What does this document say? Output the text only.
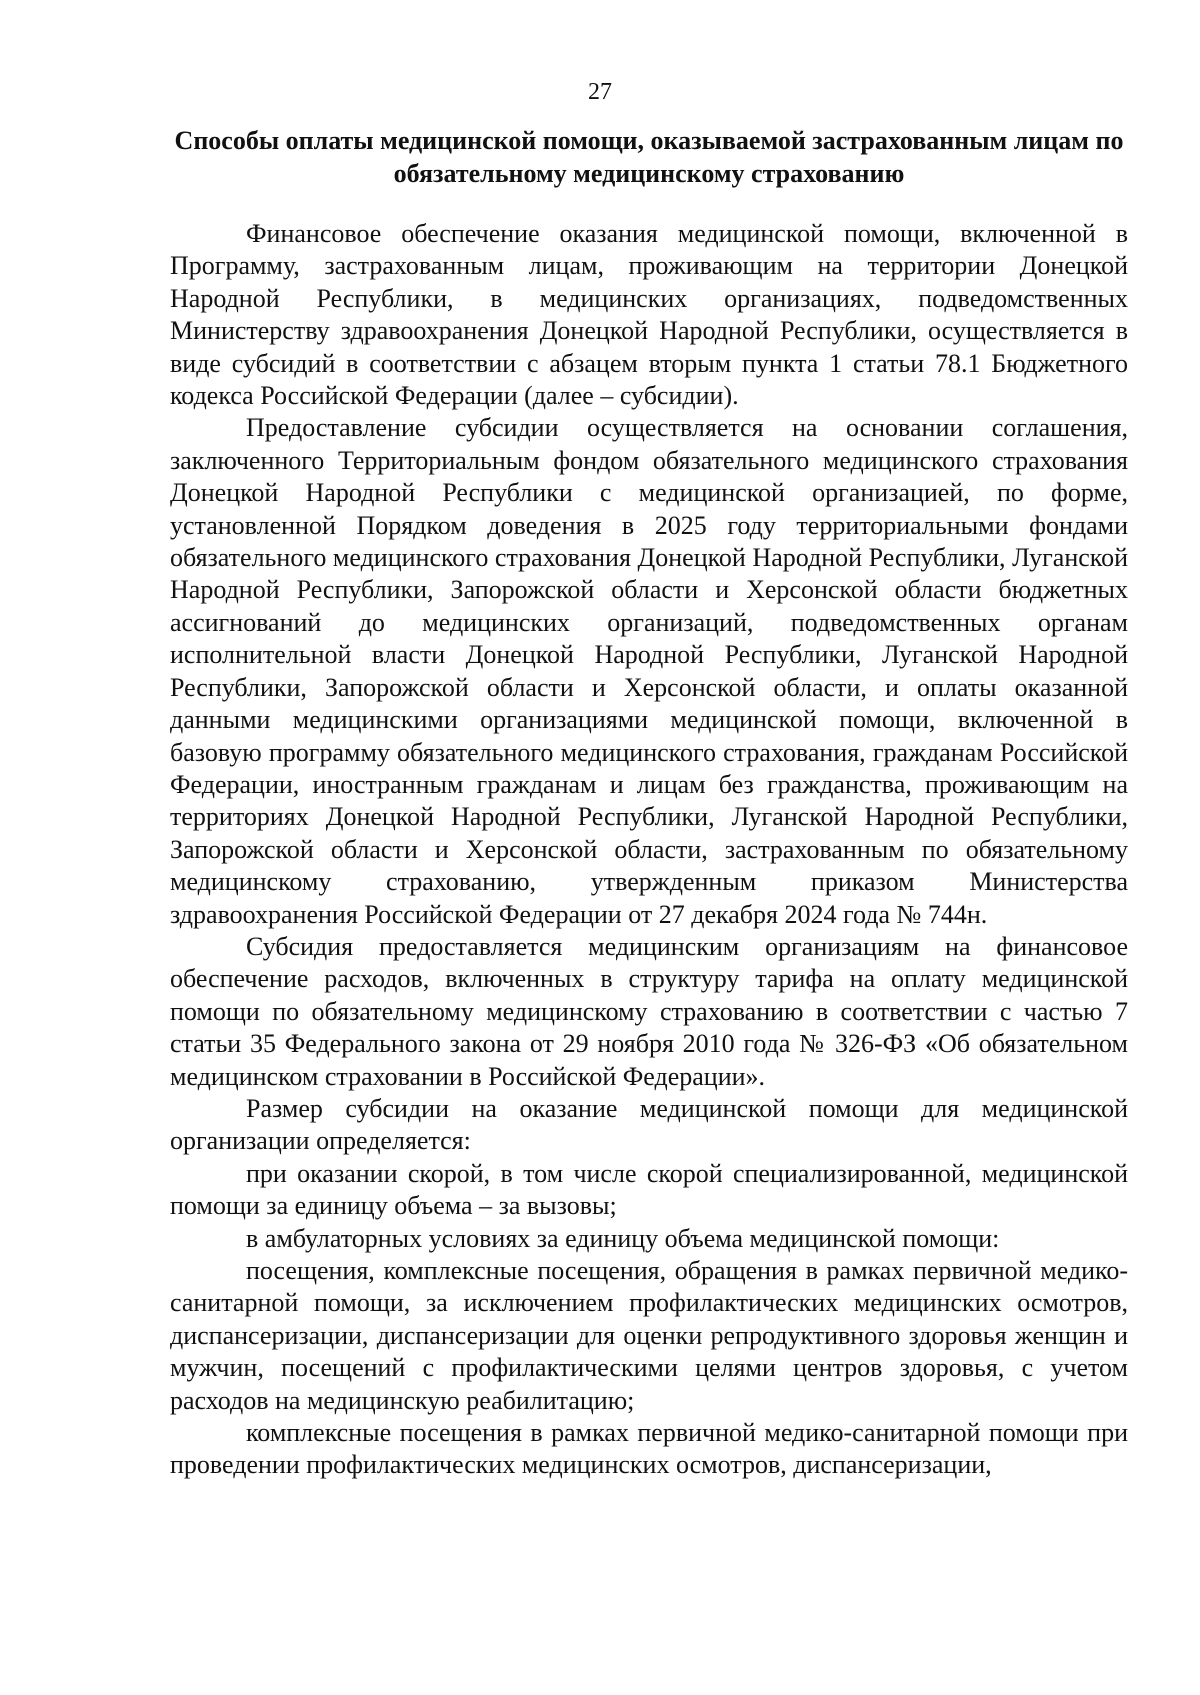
27
Способы оплаты медицинской помощи, оказываемой застрахованным лицам по обязательному медицинскому страхованию

Финансовое обеспечение оказания медицинской помощи, включенной в Программу, застрахованным лицам, проживающим на территории Донецкой Народной Республики, в медицинских организациях, подведомственных Министерству здравоохранения Донецкой Народной Республики, осуществляется в виде субсидий в соответствии с абзацем вторым пункта 1 статьи 78.1 Бюджетного кодекса Российской Федерации (далее – субсидии).

Предоставление субсидии осуществляется на основании соглашения, заключенного Территориальным фондом обязательного медицинского страхования Донецкой Народной Республики с медицинской организацией, по форме, установленной Порядком доведения в 2025 году территориальными фондами обязательного медицинского страхования Донецкой Народной Республики, Луганской Народной Республики, Запорожской области и Херсонской области бюджетных ассигнований до медицинских организаций, подведомственных органам исполнительной власти Донецкой Народной Республики, Луганской Народной Республики, Запорожской области и Херсонской области, и оплаты оказанной данными медицинскими организациями медицинской помощи, включенной в базовую программу обязательного медицинского страхования, гражданам Российской Федерации, иностранным гражданам и лицам без гражданства, проживающим на территориях Донецкой Народной Республики, Луганской Народной Республики, Запорожской области и Херсонской области, застрахованным по обязательному медицинскому страхованию, утвержденным приказом Министерства здравоохранения Российской Федерации от 27 декабря 2024 года № 744н.

Субсидия предоставляется медицинским организациям на финансовое обеспечение расходов, включенных в структуру тарифа на оплату медицинской помощи по обязательному медицинскому страхованию в соответствии с частью 7 статьи 35 Федерального закона от 29 ноября 2010 года № 326-ФЗ «Об обязательном медицинском страховании в Российской Федерации».

Размер субсидии на оказание медицинской помощи для медицинской организации определяется:

при оказании скорой, в том числе скорой специализированной, медицинской помощи за единицу объема – за вызовы;

в амбулаторных условиях за единицу объема медицинской помощи:

посещения, комплексные посещения, обращения в рамках первичной медико-санитарной помощи, за исключением профилактических медицинских осмотров, диспансеризации, диспансеризации для оценки репродуктивного здоровья женщин и мужчин, посещений с профилактическими целями центров здоровья, с учетом расходов на медицинскую реабилитацию;

комплексные посещения в рамках первичной медико-санитарной помощи при проведении профилактических медицинских осмотров, диспансеризации,
